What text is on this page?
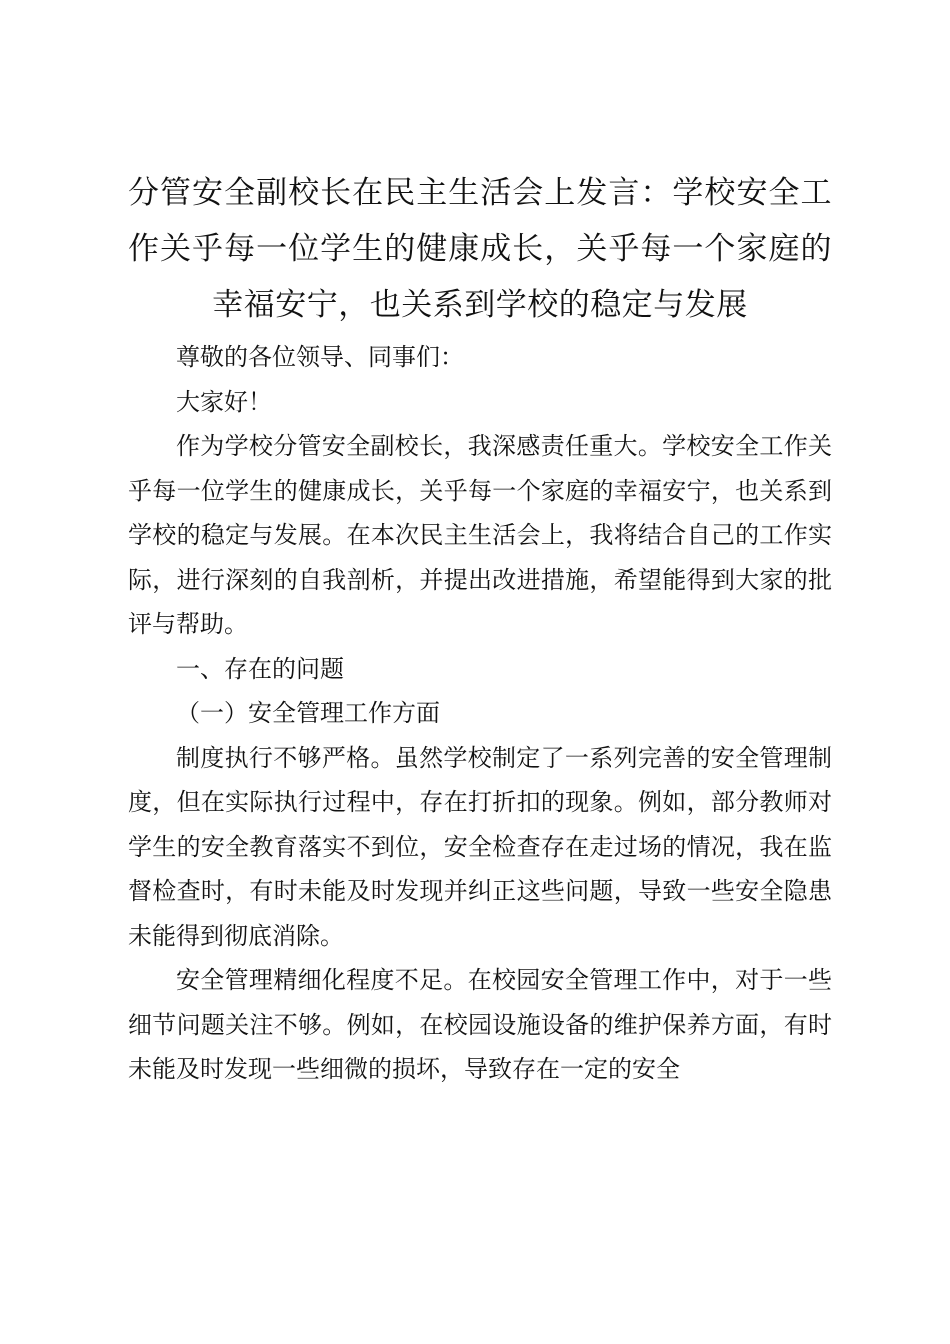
分管安全副校长在民主生活会上发言：学校安全工作关乎每一位学生的健康成长，关乎每一个家庭的幸福安宁，也关系到学校的稳定与发展

尊敬的各位领导、同事们：

大家好！

作为学校分管安全副校长，我深感责任重大。学校安全工作关乎每一位学生的健康成长，关乎每一个家庭的幸福安宁，也关系到学校的稳定与发展。在本次民主生活会上，我将结合自己的工作实际，进行深刻的自我剖析，并提出改进措施，希望能得到大家的批评与帮助。

一、存在的问题

（一）安全管理工作方面

制度执行不够严格。虽然学校制定了一系列完善的安全管理制度，但在实际执行过程中，存在打折扣的现象。例如，部分教师对学生的安全教育落实不到位，安全检查存在走过场的情况，我在监督检查时，有时未能及时发现并纠正这些问题，导致一些安全隐患未能得到彻底消除。

安全管理精细化程度不足。在校园安全管理工作中，对于一些细节问题关注不够。例如，在校园设施设备的维护保养方面，有时未能及时发现一些细微的损坏，导致存在一定的安全
